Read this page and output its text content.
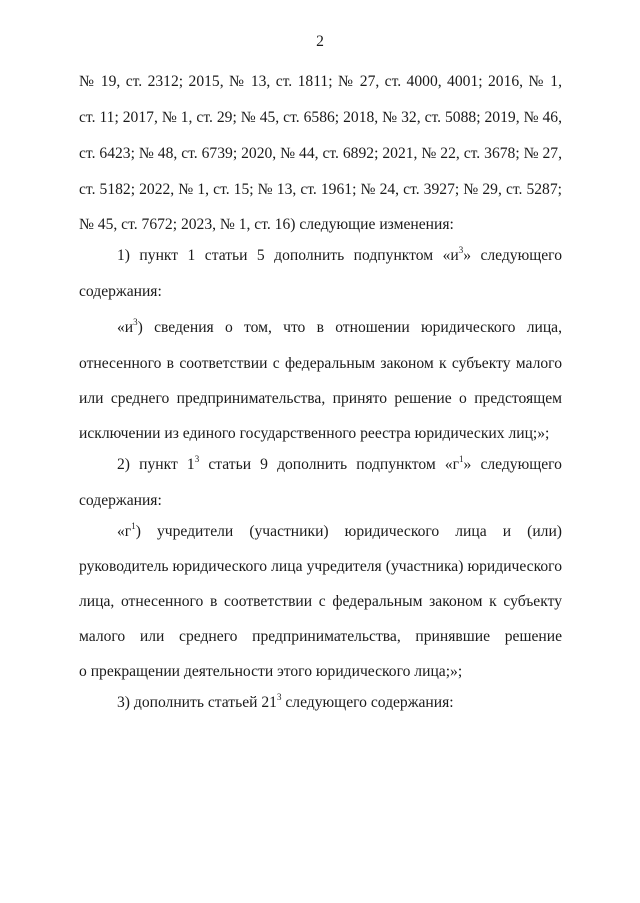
2
№ 19, ст. 2312; 2015, № 13, ст. 1811; № 27, ст. 4000, 4001; 2016, № 1,
ст. 11; 2017, № 1, ст. 29; № 45, ст. 6586; 2018, № 32, ст. 5088; 2019, № 46,
ст. 6423; № 48, ст. 6739; 2020, № 44, ст. 6892; 2021, № 22, ст. 3678; № 27,
ст. 5182; 2022, № 1, ст. 15; № 13, ст. 1961; № 24, ст. 3927; № 29, ст. 5287;
№ 45, ст. 7672; 2023, № 1, ст. 16) следующие изменения:
1) пункт 1 статьи 5 дополнить подпунктом «$и^3$» следующего
содержания:
«$и^3$) сведения о том, что в отношении юридического лица,
отнесенного в соответствии с федеральным законом к субъекту малого
или среднего предпринимательства, принято решение о предстоящем
исключении из единого государственного реестра юридических лиц;»;
2) пункт $1^3$ статьи 9 дополнить подпунктом «$г^1$» следующего
содержания:
«$г^1$) учредители (участники) юридического лица и (или)
руководитель юридического лица учредителя (участника) юридического
лица, отнесенного в соответствии с федеральным законом к субъекту
малого или среднего предпринимательства, принявшие решение
о прекращении деятельности этого юридического лица;»;
3) дополнить статьей $21^3$ следующего содержания:
